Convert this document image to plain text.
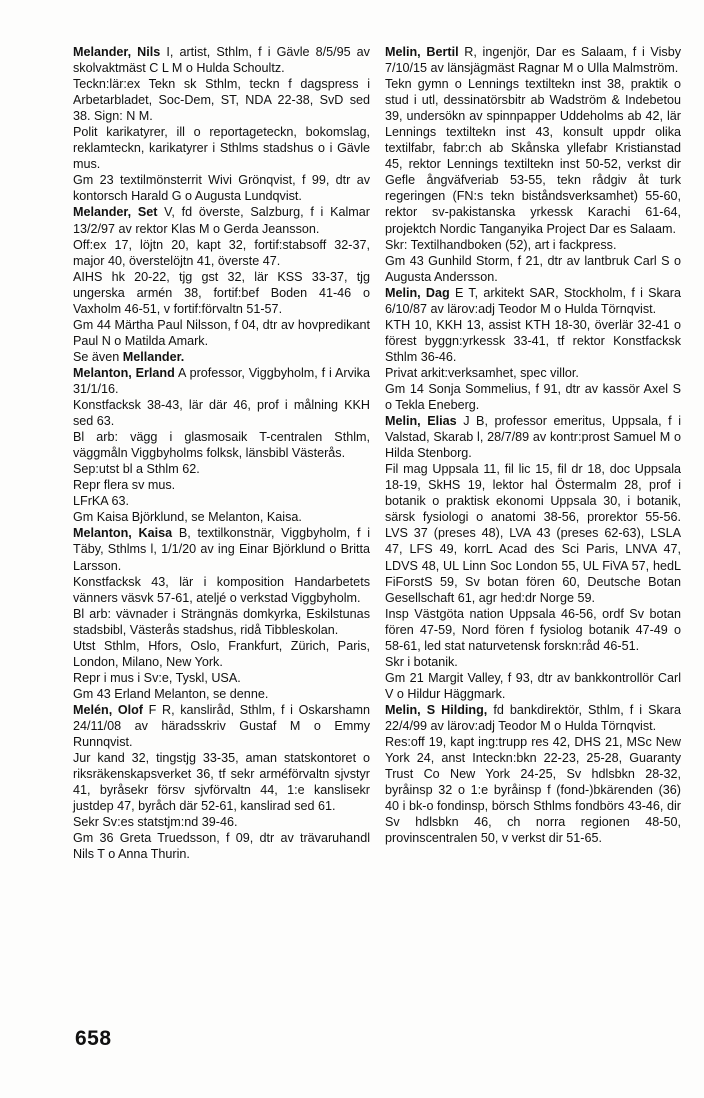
Melander, Nils I, artist, Sthlm, f i Gävle 8/5/95 av skolvaktmäst C L M o Hulda Schoultz.

Teckn:lär:ex Tekn sk Sthlm, teckn f dagspress i Arbetarbladet, Soc-Dem, ST, NDA 22-38, SvD sed 38. Sign: N M.

Polit karikatyrer, ill o reportageteckn, bokomslag, reklamteckn, karikatyrer i Sthlms stadshus o i Gävle mus.

Gm 23 textilmönsterrit Wivi Grönqvist, f 99, dtr av kontorsch Harald G o Augusta Lundqvist.

Melander, Set V, fd överste, Salzburg, f i Kalmar 13/2/97 av rektor Klas M o Gerda Jeansson.

Off:ex 17, löjtn 20, kapt 32, fortif:stabsoff 32-37, major 40, överstelöjtn 41, överste 47.

AIHS hk 20-22, tjg gst 32, lär KSS 33-37, tjg ungerska armén 38, fortif:bef Boden 41-46 o Vaxholm 46-51, v fortif:förvaltn 51-57.

Gm 44 Märtha Paul Nilsson, f 04, dtr av hovpredikant Paul N o Matilda Amark.

Se även Mellander.

Melanton, Erland A professor, Viggbyholm, f i Arvika 31/1/16.

Konstfacksk 38-43, lär där 46, prof i målning KKH sed 63.

Bl arb: vägg i glasmosaik T-centralen Sthlm, väggmåln Viggbyholms folksk, länsbibl Västerås.

Sep:utst bl a Sthlm 62.

Repr flera sv mus.

LFrKA 63.

Gm Kaisa Björklund, se Melanton, Kaisa.

Melanton, Kaisa B, textilkonstnär, Viggbyholm, f i Täby, Sthlms l, 1/1/20 av ing Einar Björklund o Britta Larsson.

Konstfacksk 43, lär i komposition Handarbetets vänners väsvk 57-61, ateljé o verkstad Viggbyholm.

Bl arb: vävnader i Strängnäs domkyrka, Eskilstunas stadsbibl, Västerås stadshus, ridå Tibbleskolan.

Utst Sthlm, Hfors, Oslo, Frankfurt, Zürich, Paris, London, Milano, New York.

Repr i mus i Sv:e, Tyskl, USA.

Gm 43 Erland Melanton, se denne.

Melén, Olof F R, kansliråd, Sthlm, f i Oskarshamn 24/11/08 av häradsskriv Gustaf M o Emmy Runnqvist.

Jur kand 32, tingstjg 33-35, aman statskontoret o riksräkenskapsverket 36, tf sekr arméförvaltn sjvstyr 41, byråsekr försv sjvförvaltn 44, 1:e kanslisekr justdep 47, byråch där 52-61, kanslirad sed 61.

Sekr Sv:es statstjm:nd 39-46.

Gm 36 Greta Truedsson, f 09, dtr av trävaruhandl Nils T o Anna Thurin.

Melin, Bertil R, ingenjör, Dar es Salaam, f i Visby 7/10/15 av länsjägmäst Ragnar M o Ulla Malmström.

Tekn gymn o Lennings textiltekn inst 38, praktik o stud i utl, dessinatörsbitr ab Wadström & Indebetou 39, undersökn av spinnpapper Uddeholms ab 42, lär Lennings textiltekn inst 43, konsult uppdr olika textilfabr, fabr:ch ab Skånska yllefabr Kristianstad 45, rektor Lennings textiltekn inst 50-52, verkst dir Gefle ångväfveriab 53-55, tekn rådgiv åt turk regeringen (FN:s tekn biståndsverksamhet) 55-60, rektor sv-pakistanska yrkessk Karachi 61-64, projektch Nordic Tanganyika Project Dar es Salaam.

Skr: Textilhandboken (52), art i fackpress.

Gm 43 Gunhild Storm, f 21, dtr av lantbruk Carl S o Augusta Andersson.

Melin, Dag E T, arkitekt SAR, Stockholm, f i Skara 6/10/87 av lärov:adj Teodor M o Hulda Törnqvist.

KTH 10, KKH 13, assist KTH 18-30, överlär 32-41 o förest byggn:yrkessk 33-41, tf rektor Konstfacksk Sthlm 36-46.

Privat arkit:verksamhet, spec villor.

Gm 14 Sonja Sommelius, f 91, dtr av kassör Axel S o Tekla Eneberg.

Melin, Elias J B, professor emeritus, Uppsala, f i Valstad, Skarab l, 28/7/89 av kontr:prost Samuel M o Hilda Stenborg.

Fil mag Uppsala 11, fil lic 15, fil dr 18, doc Uppsala 18-19, SkHS 19, lektor hal Östermalm 28, prof i botanik o praktisk ekonomi Uppsala 30, i botanik, särsk fysiologi o anatomi 38-56, prorektor 55-56. LVS 37 (preses 48), LVA 43 (preses 62-63), LSLA 47, LFS 49, korrL Acad des Sci Paris, LNVA 47, LDVS 48, UL Linn Soc London 55, UL FiVA 57, hedL FiForstS 59, Sv botan fören 60, Deutsche Botan Gesellschaft 61, agr hed:dr Norge 59.

Insp Västgöta nation Uppsala 46-56, ordf Sv botan fören 47-59, Nord fören f fysiolog botanik 47-49 o 58-61, led stat naturvetensk forskn:råd 46-51.

Skr i botanik.

Gm 21 Margit Valley, f 93, dtr av bankkontrollör Carl V o Hildur Häggmark.

Melin, S Hilding, fd bankdirektör, Sthlm, f i Skara 22/4/99 av lärov:adj Teodor M o Hulda Törnqvist.

Res:off 19, kapt ing:trupp res 42, DHS 21, MSc New York 24, anst Inteckn:bkn 22-23, 25-28, Guaranty Trust Co New York 24-25, Sv hdlsbkn 28-32, byråinsp 32 o 1:e byråinsp f (fond-)bkärenden (36) 40 i bk-o fondinsp, börsch Sthlms fondbörs 43-46, dir Sv hdlsbkn 46, ch norra regionen 48-50, provinscentralen 50, v verkst dir 51-65.

658
